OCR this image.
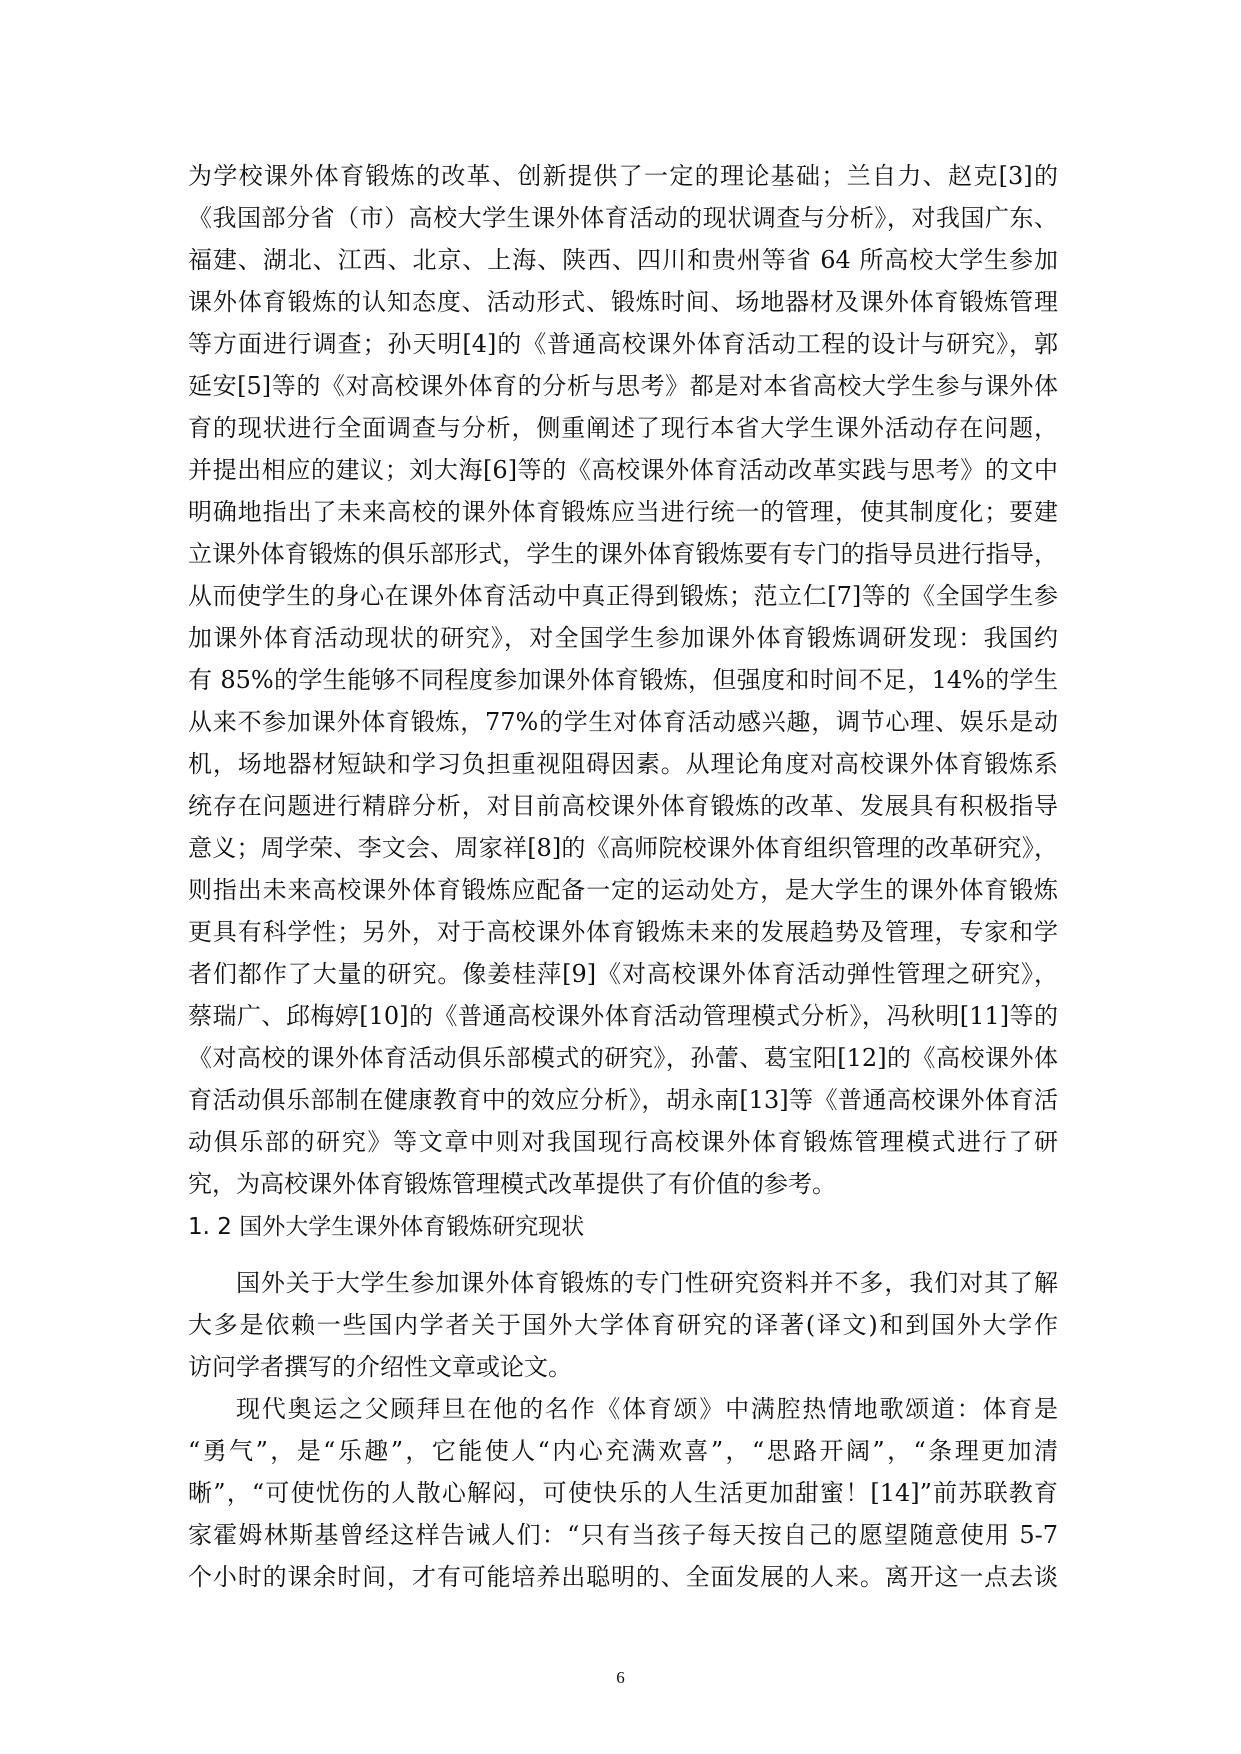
为学校课外体育锻炼的改革、创新提供了一定的理论基础；兰自力、赵克[3]的
《我国部分省（市）高校大学生课外体育活动的现状调查与分析》，对我国广东、
福建、湖北、江西、北京、上海、陕西、四川和贵州等省 64 所高校大学生参加
课外体育锻炼的认知态度、活动形式、锻炼时间、场地器材及课外体育锻炼管理
等方面进行调查；孙天明[4]的《普通高校课外体育活动工程的设计与研究》，郭
延安[5]等的《对高校课外体育的分析与思考》都是对本省高校大学生参与课外体
育的现状进行全面调查与分析，侧重阐述了现行本省大学生课外活动存在问题，
并提出相应的建议；刘大海[6]等的《高校课外体育活动改革实践与思考》的文中
明确地指出了未来高校的课外体育锻炼应当进行统一的管理，使其制度化；要建
立课外体育锻炼的俱乐部形式，学生的课外体育锻炼要有专门的指导员进行指导，
从而使学生的身心在课外体育活动中真正得到锻炼；范立仁[7]等的《全国学生参
加课外体育活动现状的研究》，对全国学生参加课外体育锻炼调研发现：我国约
有 85%的学生能够不同程度参加课外体育锻炼，但强度和时间不足，14%的学生
从来不参加课外体育锻炼，77%的学生对体育活动感兴趣，调节心理、娱乐是动
机，场地器材短缺和学习负担重视阻碍因素。从理论角度对高校课外体育锻炼系
统存在问题进行精辟分析，对目前高校课外体育锻炼的改革、发展具有积极指导
意义；周学荣、李文会、周家祥[8]的《高师院校课外体育组织管理的改革研究》，
则指出未来高校课外体育锻炼应配备一定的运动处方，是大学生的课外体育锻炼
更具有科学性；另外，对于高校课外体育锻炼未来的发展趋势及管理，专家和学
者们都作了大量的研究。像姜桂萍[9]《对高校课外体育活动弹性管理之研究》，
蔡瑞广、邱梅婷[10]的《普通高校课外体育活动管理模式分析》，冯秋明[11]等的
《对高校的课外体育活动俱乐部模式的研究》，孙蕾、葛宝阳[12]的《高校课外体
育活动俱乐部制在健康教育中的效应分析》，胡永南[13]等《普通高校课外体育活
动俱乐部的研究》等文章中则对我国现行高校课外体育锻炼管理模式进行了研
究，为高校课外体育锻炼管理模式改革提供了有价值的参考。
1. 2 国外大学生课外体育锻炼研究现状
国外关于大学生参加课外体育锻炼的专门性研究资料并不多，我们对其了解
大多是依赖一些国内学者关于国外大学体育研究的译著(译文)和到国外大学作
访问学者撰写的介绍性文章或论文。
现代奥运之父顾拜旦在他的名作《体育颂》中满腔热情地歌颂道：体育是
“勇气”，是“乐趣”，它能使人“内心充满欢喜”，“思路开阔”，“条理更加清
晰”，“可使忧伤的人散心解闷，可使快乐的人生活更加甜蜜！[14]”前苏联教育
家霍姆林斯基曾经这样告诫人们：“只有当孩子每天按自己的愿望随意使用 5-7
个小时的课余时间，才有可能培养出聪明的、全面发展的人来。离开这一点去谈
6
